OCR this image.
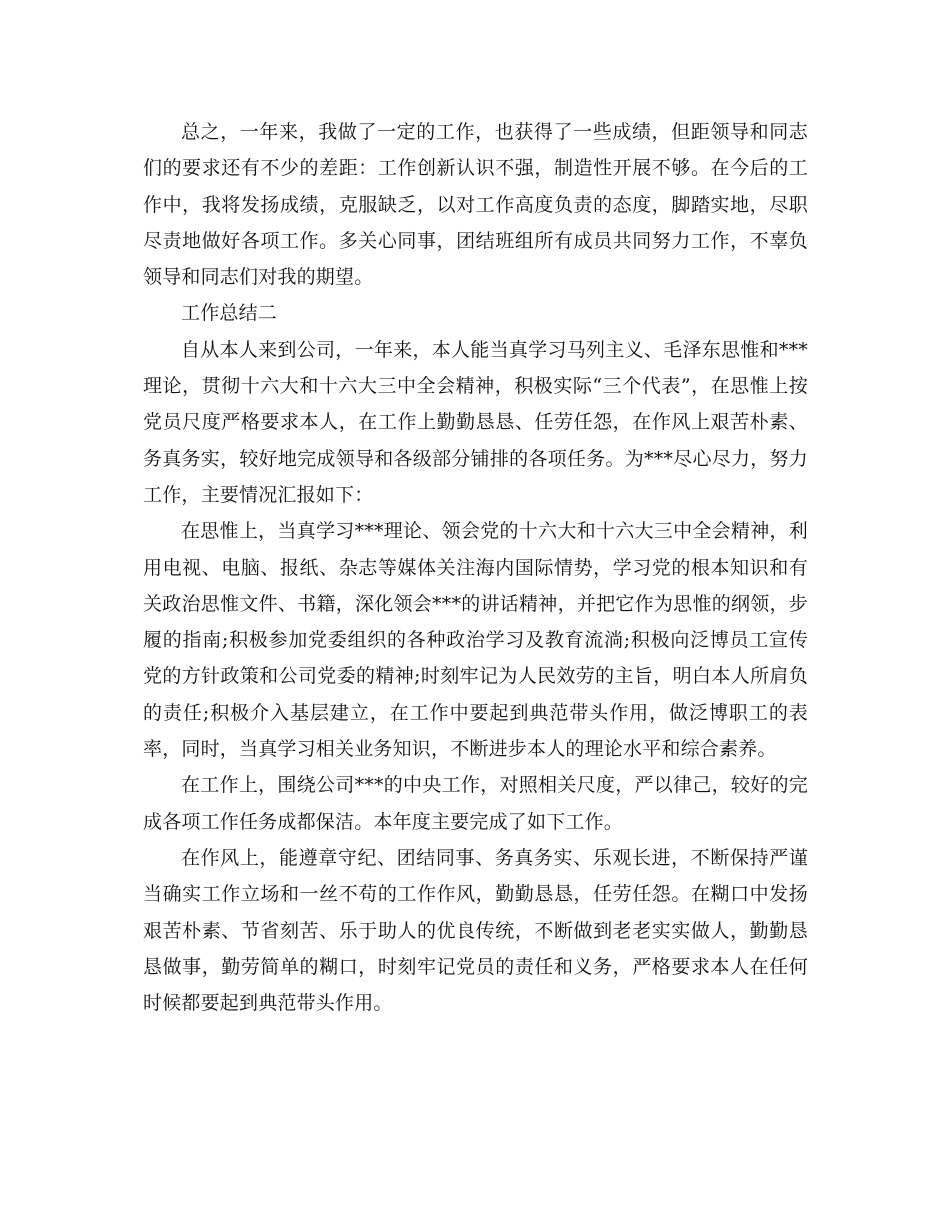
总之，一年来，我做了一定的工作，也获得了一些成绩，但距领导和同志们的要求还有不少的差距：工作创新认识不强，制造性开展不够。在今后的工作中，我将发扬成绩，克服缺乏，以对工作高度负责的态度，脚踏实地，尽职尽责地做好各项工作。多关心同事，团结班组所有成员共同努力工作，不辜负领导和同志们对我的期望。

工作总结二

自从本人来到公司，一年来，本人能当真学习马列主义、毛泽东思惟和***理论，贯彻十六大和十六大三中全会精神，积极实际“三个代表”，在思惟上按党员尺度严格要求本人，在工作上勤勤恳恳、任劳任怨，在作风上艰苦朴素、务真务实，较好地完成领导和各级部分铺排的各项任务。为***尽心尽力，努力工作，主要情况汇报如下：

在思惟上，当真学习***理论、领会党的十六大和十六大三中全会精神，利用电视、电脑、报纸、杂志等媒体关注海内国际情势，学习党的根本知识和有关政治思惟文件、书籍，深化领会***的讲话精神，并把它作为思惟的纲领，步履的指南;积极参加党委组织的各种政治学习及教育流淌;积极向泛博员工宣传党的方针政策和公司党委的精神;时刻牢记为人民效劳的主旨，明白本人所肩负的责任;积极介入基层建立，在工作中要起到典范带头作用，做泛博职工的表率，同时，当真学习相关业务知识，不断进步本人的理论水平和综合素养。

在工作上，围绕公司***的中央工作，对照相关尺度，严以律己，较好的完成各项工作任务成都保洁。本年度主要完成了如下工作。

在作风上，能遵章守纪、团结同事、务真务实、乐观长进，不断保持严谨当确实工作立场和一丝不苟的工作作风，勤勤恳恳，任劳任怨。在糊口中发扬艰苦朴素、节省刻苦、乐于助人的优良传统，不断做到老老实实做人，勤勤恳恳做事，勤劳简单的糊口，时刻牢记党员的责任和义务，严格要求本人在任何时候都要起到典范带头作用。
